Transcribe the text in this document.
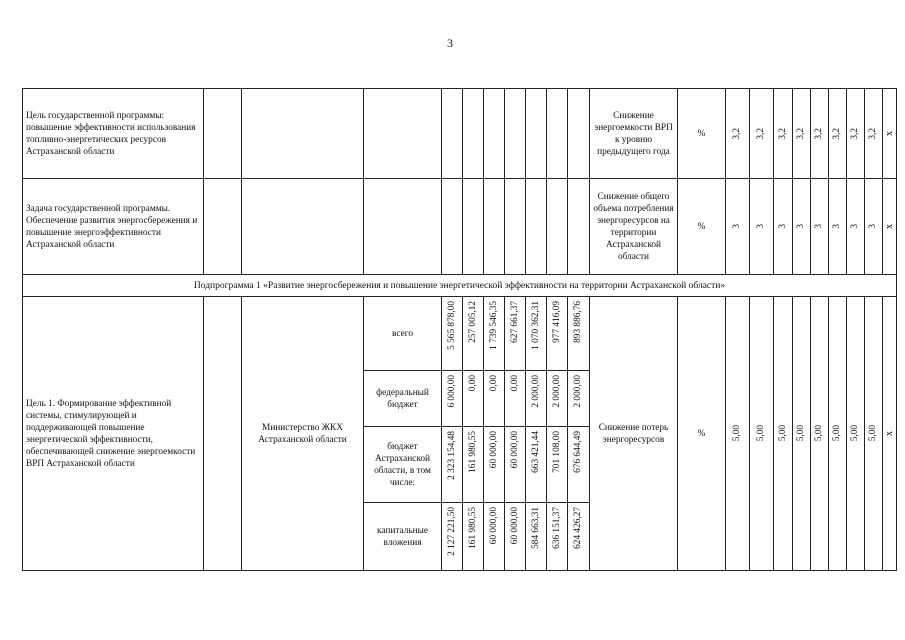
3
Цель государственной программы: повышение эффективности использования топливно-энергетических ресурсов Астраханской области											Снижение энергоемкости ВРП к уровню предыдущего года	%	3,2	3,2	3,2	3,2	3,2	3,2	3,2	3,2	x

Задача государственной программы. Обеспечение развития энергосбережения и повышение энергоэффективности Астраханской области											Снижение общего объема потребления энергоресурсов на территории Астраханской области	%	3	3	3	3	3	3	3	3	x

Подпрограмма 1 «Развитие энергосбережения и повышение энергетической эффективности на территории Астраханской области»																					
Цель 1. Формирование эффективной системы, стимулирующей и поддерживающей повышение энергетической эффективности, обеспечивающей снижение энергоемкости ВРП Астраханской области		Министерство ЖКХ Астраханской области	всего	5 565 878,00	257 005,12	1 739 546,35	627 661,37	1 070 362,31	977 416,09	893 886,76	Снижение потерь энергоресурсов	%	5,00	5,00	5,00	5,00	5,00	5,00	5,00	5,00	x

			федеральный бюджет	6 000,00	0,00	0,00	0,00	2 000,00	2 000,00	2 000,00											

			бюджет Астраханской области, в том числе:	2 323 154,48	161 980,55	60 000,00	60 000,00	663 421,44	701 108,00	676 644,49											

			капитальные вложения	2 127 221,50	161 980,55	60 000,00	60 000,00	584 663,31	636 151,37	624 426,27											
